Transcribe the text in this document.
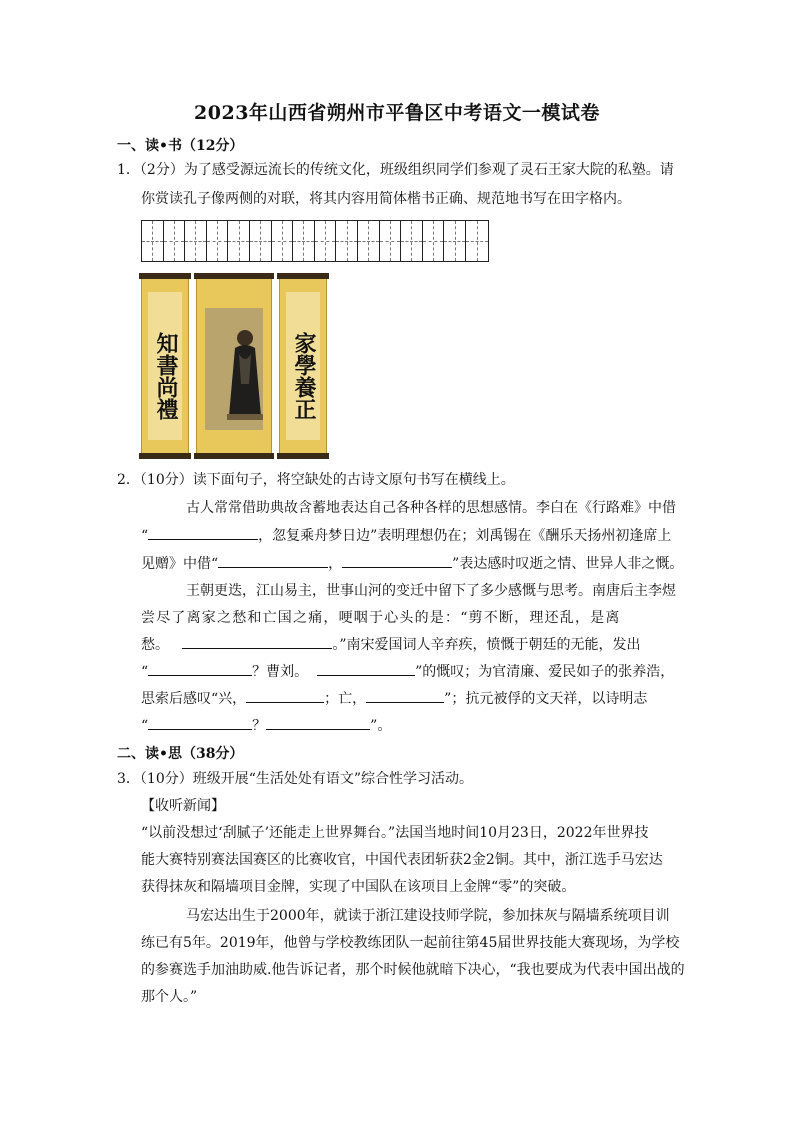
2023年山西省朔州市平鲁区中考语文一模试卷
一、读•书（12分）
1．（2分）为了感受源远流长的传统文化，班级组织同学们参观了灵石王家大院的私塾。请
你赏读孔子像两侧的对联，将其内容用简体楷书正确、规范地书写在田字格内。
知書尚禮	家學養正
2．（10分）读下面句子，将空缺处的古诗文原句书写在横线上。
古人常常借助典故含蓄地表达自己各种各样的思想感情。李白在《行路难》中借
“	，忽复乘舟梦日边”表明理想仍在；刘禹锡在《酬乐天扬州初逢席上
见赠》中借“	，	”表达感时叹逝之情、世异人非之慨。
王朝更迭，江山易主，世事山河的变迁中留下了多少感慨与思考。南唐后主李煜
尝尽了离家之愁和亡国之痛，哽咽于心头的是：“剪不断，理还乱，是离
愁。	。”南宋爱国词人辛弃疾，愤慨于朝廷的无能，发出
“	？曹刘。	”的慨叹；为官清廉、爱民如子的张养浩，
思索后感叹“兴，	；亡，	”；抗元被俘的文天祥，以诗明志
“	？	”。
二、读•思（38分）
3．（10分）班级开展“生活处处有语文”综合性学习活动。
【收听新闻】
“以前没想过‘刮腻子’还能走上世界舞台。”法国当地时间10月23日，2022年世界技
能大赛特别赛法国赛区的比赛收官，中国代表团斩获2金2铜。其中，浙江选手马宏达
获得抹灰和隔墙项目金牌，实现了中国队在该项目上金牌“零”的突破。
马宏达出生于2000年，就读于浙江建设技师学院，参加抹灰与隔墙系统项目训
练已有5年。2019年，他曾与学校教练团队一起前往第45届世界技能大赛现场，为学校
的参赛选手加油助威.他告诉记者，那个时候他就暗下决心，“我也要成为代表中国出战的
那个人。”
